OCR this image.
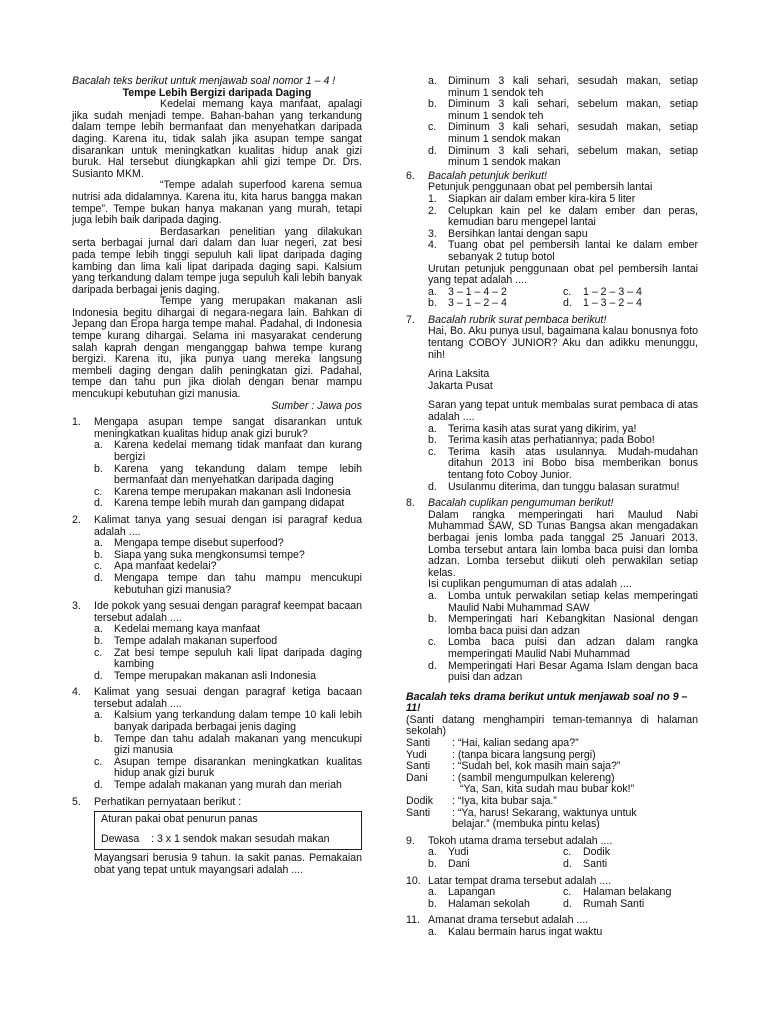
Bacalah teks berikut untuk menjawab soal nomor 1 – 4 !
Tempe Lebih Bergizi daripada Daging

Kedelai memang kaya manfaat, apalagi jika sudah menjadi tempe. Bahan-bahan yang terkandung dalam tempe lebih bermanfaat dan menyehatkan daripada daging. Karena itu, tidak salah jika asupan tempe sangat disarankan untuk meningkatkan kualitas hidup anak gizi buruk. Hal tersebut diungkapkan ahli gizi tempe Dr. Drs. Susianto MKM.

“Tempe adalah superfood karena semua nutrisi ada didalamnya. Karena itu, kita harus bangga makan tempe”. Tempe bukan hanya makanan yang murah, tetapi juga lebih baik daripada daging.

Berdasarkan penelitian yang dilakukan serta berbagai jurnal dari dalam dan luar negeri, zat besi pada tempe lebih tinggi sepuluh kali lipat daripada daging kambing dan lima kali lipat daripada daging sapi. Kalsium yang terkandung dalam tempe juga sepuluh kali lebih banyak daripada berbagai jenis daging.

Tempe yang merupakan makanan asli Indonesia begitu dihargai di negara-negara lain. Bahkan di Jepang dan Eropa harga tempe mahal. Padahal, di Indonesia tempe kurang dihargai. Selama ini masyarakat cenderung salah kaprah dengan menganggap bahwa tempe kurang bergizi. Karena itu, jika punya uang mereka langsung membeli daging dengan dalih peningkatan gizi. Padahal, tempe dan tahu pun jika diolah dengan benar mampu mencukupi kebutuhan gizi manusia.

Sumber : Jawa pos
1. Mengapa asupan tempe sangat disarankan untuk meningkatkan kualitas hidup anak gizi buruk?

a. Karena kedelai memang tidak manfaat dan kurang bergizi

b. Karena yang tekandung dalam tempe lebih bermanfaat dan menyehatkan daripada daging

c. Karena tempe merupakan makanan asli Indonesia

d. Karena tempe lebih murah dan gampang didapat

2. Kalimat tanya yang sesuai dengan isi paragraf kedua adalah ....

a. Mengapa tempe disebut superfood?

b. Siapa yang suka mengkonsumsi tempe?

c. Apa manfaat kedelai?

d. Mengapa tempe dan tahu mampu mencukupi kebutuhan gizi manusia?

3. Ide pokok yang sesuai dengan paragraf keempat bacaan tersebut adalah ....

a. Kedelai memang kaya manfaat

b. Tempe adalah makanan superfood

c. Zat besi tempe sepuluh kali lipat daripada daging kambing

d. Tempe merupakan makanan asli Indonesia

4. Kalimat yang sesuai dengan paragraf ketiga bacaan tersebut adalah ....

a. Kalsium yang terkandung dalam tempe 10 kali lebih banyak daripada berbagai jenis daging

b. Tempe dan tahu adalah makanan yang mencukupi gizi manusia

c. Asupan tempe disarankan meningkatkan kualitas hidup anak gizi buruk

d. Tempe adalah makanan yang murah dan meriah

5. Perhatikan pernyataan berikut :

Aturan pakai obat penurun panas
Dewasa : 3 x 1 sendok makan sesudah makan

Mayangsari berusia 9 tahun. Ia sakit panas. Pemakaian obat yang tepat untuk mayangsari adalah ....

a. Diminum 3 kali sehari, sesudah makan, setiap minum 1 sendok teh

b. Diminum 3 kali sehari, sebelum makan, setiap minum 1 sendok teh

c. Diminum 3 kali sehari, sesudah makan, setiap minum 1 sendok makan

d. Diminum 3 kali sehari, sebelum makan, setiap minum 1 sendok makan

6. Bacalah petunjuk berikut!
Petunjuk penggunaan obat pel pembersih lantai
1. Siapkan air dalam ember kira-kira 5 liter

2. Celupkan kain pel ke dalam ember dan peras, kemudian baru mengepel lantai

3. Bersihkan lantai dengan sapu

4. Tuang obat pel pembersih lantai ke dalam ember sebanyak 2 tutup botol

Urutan petunjuk penggunaan obat pel pembersih lantai yang tepat adalah ....

a. 3 – 1 – 4 – 2	c. 1 – 2 – 3 – 4
b. 3 – 1 – 2 – 4	d. 1 – 3 – 2 – 4
7. Bacalah rubrik surat pembaca berikut!

Hai, Bo. Aku punya usul, bagaimana kalau bonusnya foto tentang COBOY JUNIOR? Aku dan adikku menunggu, nih!

Arina Laksita
Jakarta Pusat

Saran yang tepat untuk membalas surat pembaca di atas adalah ....

a. Terima kasih atas surat yang dikirim, ya!

b. Terima kasih atas perhatiannya; pada Bobo!

c. Terima kasih atas usulannya. Mudah-mudahan ditahun 2013 ini Bobo bisa memberikan bonus tentang foto Coboy Junior.

d. Usulanmu diterima, dan tunggu balasan suratmu!

8. Bacalah cuplikan pengumuman berikut!

Dalam rangka memperingati hari Maulud Nabi Muhammad SAW, SD Tunas Bangsa akan mengadakan berbagai jenis lomba pada tanggal 25 Januari 2013. Lomba tersebut antara lain lomba baca puisi dan lomba adzan. Lomba tersebut diikuti oleh perwakilan setiap kelas.

Isi cuplikan pengumuman di atas adalah ....

a. Lomba untuk perwakilan setiap kelas memperingati Maulid Nabi Muhammad SAW

b. Memperingati hari Kebangkitan Nasional dengan lomba baca puisi dan adzan

c. Lomba baca puisi dan adzan dalam rangka memperingati Maulid Nabi Muhammad

d. Memperingati Hari Besar Agama Islam dengan baca puisi dan adzan

Bacalah teks drama berikut untuk menjawab soal no 9 – 11!

(Santi datang menghampiri teman-temannya di halaman sekolah)

Santi	: “Hai, kalian sedang apa?”
Yudi	: (tanpa bicara langsung pergi)
Santi	: “Sudah bel, kok masih main saja?”
Dani	: (sambil mengumpulkan kelereng)
“Ya, San, kita sudah mau bubar kok!”
Dodik	: “Iya, kita bubar saja.”
Santi	: “Ya, harus! Sekarang, waktunya untuk belajar.” (membuka pintu kelas)
9. Tokoh utama drama tersebut adalah ....
a. Yudi	c. Dodik
b. Dani	d. Santi
10. Latar tempat drama tersebut adalah ....
a. Lapangan	c. Halaman belakang
b. Halaman sekolah	d. Rumah Santi
11. Amanat drama tersebut adalah ....
a. Kalau bermain harus ingat waktu
